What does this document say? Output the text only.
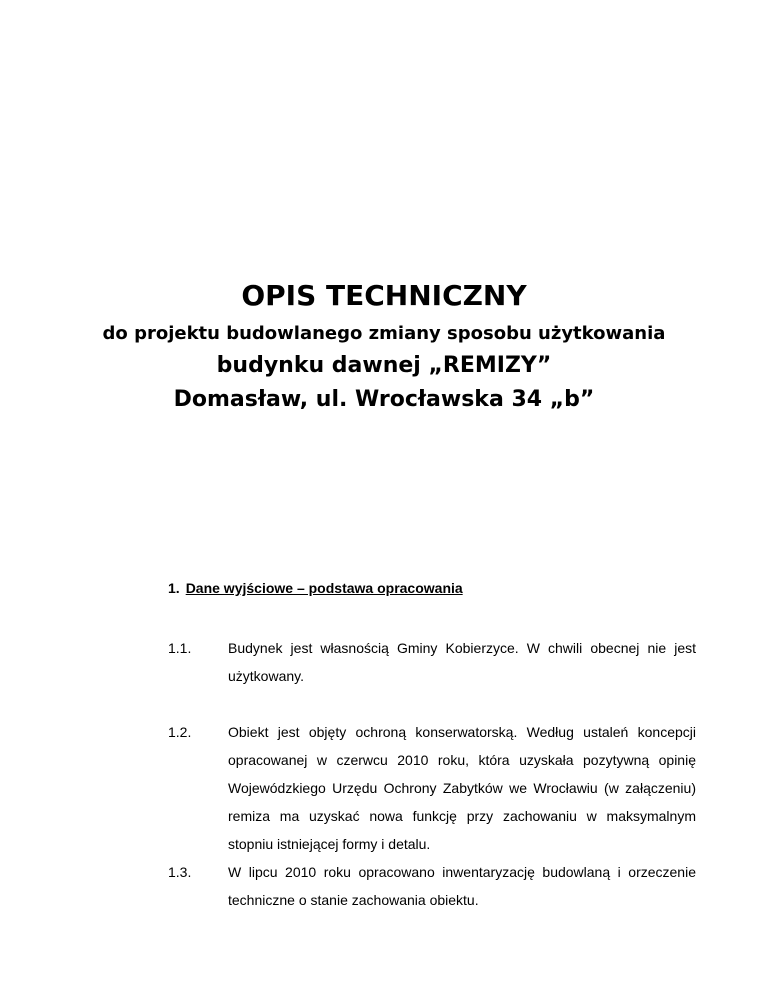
OPIS TECHNICZNY
do projektu budowlanego zmiany sposobu użytkowania
budynku dawnej „REMIZY”
Domasław, ul. Wrocławska 34 „b”
1. Dane wyjściowe – podstawa opracowania
1.1.	Budynek jest własnością Gminy Kobierzyce. W chwili obecnej nie jest użytkowany.
1.2.	Obiekt jest objęty ochroną konserwatorską. Według ustaleń koncepcji opracowanej w czerwcu 2010 roku, która uzyskała pozytywną opinię Wojewódzkiego Urzędu Ochrony Zabytków we Wrocławiu (w załączeniu) remiza ma uzyskać nowa funkcję przy zachowaniu w maksymalnym stopniu istniejącej formy i detalu.
1.3.	W lipcu 2010 roku opracowano inwentaryzację budowlaną i orzeczenie techniczne o stanie zachowania obiektu.
